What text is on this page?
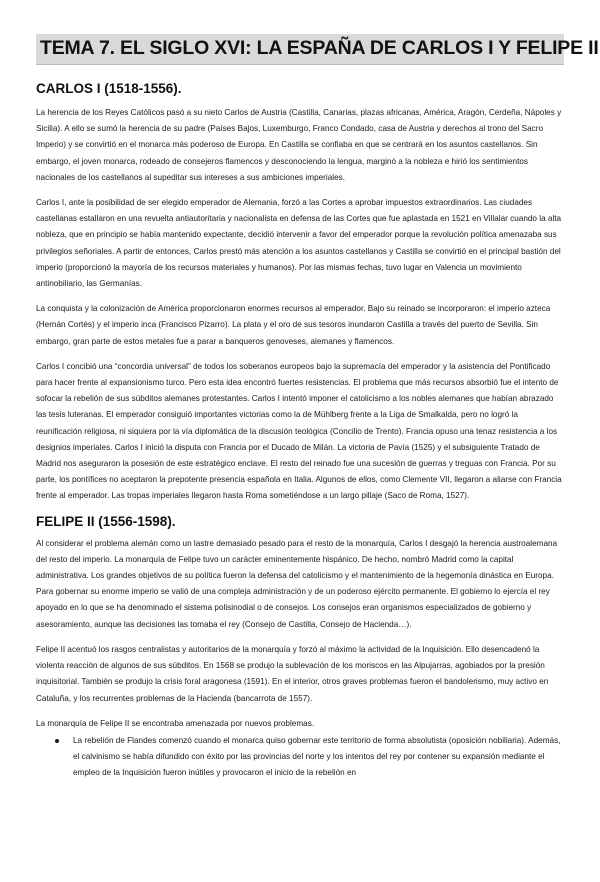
TEMA 7. EL SIGLO XVI: LA ESPAÑA DE CARLOS I Y FELIPE II
CARLOS I (1518-1556).

La herencia de los Reyes Católicos pasó a su nieto Carlos de Austria (Castilla, Canarias, plazas africanas, América, Aragón, Cerdeña, Nápoles y Sicilia). A ello se sumó la herencia de su padre (Países Bajos, Luxemburgo, Franco Condado, casa de Austria y derechos al trono del Sacro Imperio) y se convirtió en el monarca más poderoso de Europa. En Castilla se confiaba en que se centrará en los asuntos castellanos. Sin embargo, el joven monarca, rodeado de consejeros flamencos y desconociendo la lengua, marginó a la nobleza e hirió los sentimientos nacionales de los castellanos al supeditar sus intereses a sus ambiciones imperiales.

Carlos I, ante la posibilidad de ser elegido emperador de Alemania, forzó a las Cortes a aprobar impuestos extraordinarios. Las ciudades castellanas estallaron en una revuelta antiautoritaria y nacionalista en defensa de las Cortes que fue aplastada en 1521 en Villalar cuando la alta nobleza, que en principio se había mantenido expectante, decidió intervenir a favor del emperador porque la revolución política amenazaba sus privilegios señoriales. A partir de entonces, Carlos prestó más atención a los asuntos castellanos y Castilla se convirtió en el principal bastión del imperio (proporcionó la mayoría de los recursos materiales y humanos). Por las mismas fechas, tuvo lugar en Valencia un movimiento antinobiliario, las Germanías.

La conquista y la colonización de América proporcionaron enormes recursos al emperador. Bajo su reinado se incorporaron: el imperio azteca (Hernán Cortés) y el imperio inca (Francisco Pizarro). La plata y el oro de sus tesoros inundaron Castilla a través del puerto de Sevilla. Sin embargo, gran parte de estos metales fue a parar a banqueros genoveses, alemanes y flamencos.

Carlos I concibió una “concordia universal” de todos los soberanos europeos bajo la supremacía del emperador y la asistencia del Pontificado para hacer frente al expansionismo turco. Pero esta idea encontró fuertes resistencias. El problema que más recursos absorbió fue el intento de sofocar la rebelión de sus súbditos alemanes protestantes. Carlos I intentó imponer el catolicismo a los nobles alemanes que habían abrazado las tesis luteranas. El emperador consiguió importantes victorias como la de Mühlberg frente a la Liga de Smalkalda, pero no logró la reunificación religiosa, ni siquiera por la vía diplomática de la discusión teológica (Concilio de Trento). Francia opuso una tenaz resistencia a los designios imperiales. Carlos I inició la disputa con Francia por el Ducado de Milán. La victoria de Pavía (1525) y el subsiguiente Tratado de Madrid nos aseguraron la posesión de este estratégico enclave. El resto del reinado fue una sucesión de guerras y treguas con Francia. Por su parte, los pontífices no aceptaron la prepotente presencia española en Italia. Algunos de ellos, como Clemente VII, llegaron a aliarse con Francia frente al emperador. Las tropas imperiales llegaron hasta Roma sometiéndose a un largo pillaje (Saco de Roma, 1527).

FELIPE II (1556-1598).

Al considerar el problema alemán como un lastre demasiado pesado para el resto de la monarquía, Carlos I desgajó la herencia austroalemana del resto del imperio. La monarquía de Felipe tuvo un carácter eminentemente hispánico. De hecho, nombró Madrid como la capital administrativa. Los grandes objetivos de su política fueron la defensa del catolicismo y el mantenimiento de la hegemonía dinástica en Europa. Para gobernar su enorme imperio se valió de una compleja administración y de un poderoso ejército permanente. El gobierno lo ejercía el rey apoyado en lo que se ha denominado el sistema polisinodial o de consejos. Los consejos eran organismos especializados de gobierno y asesoramiento, aunque las decisiones las tomaba el rey (Consejo de Castilla, Consejo de Hacienda…).

Felipe II acentuó los rasgos centralistas y autoritarios de la monarquía y forzó al máximo la actividad de la Inquisición. Ello desencadenó la violenta reacción de algunos de sus súbditos. En 1568 se produjo la sublevación de los moriscos en las Alpujarras, agobiados por la presión inquisitorial. También se produjo la crisis foral aragonesa (1591). En el interior, otros graves problemas fueron el bandolerismo, muy activo en Cataluña, y los recurrentes problemas de la Hacienda (bancarrota de 1557).

La monarquía de Felipe II se encontraba amenazada por nuevos problemas.

La rebelión de Flandes comenzó cuando el monarca quiso gobernar este territorio de forma absolutista (oposición nobiliaria). Además, el calvinismo se había difundido con éxito por las provincias del norte y los intentos del rey por contener su expansión mediante el empleo de la Inquisición fueron inútiles y provocaron el inicio de la rebelión en
